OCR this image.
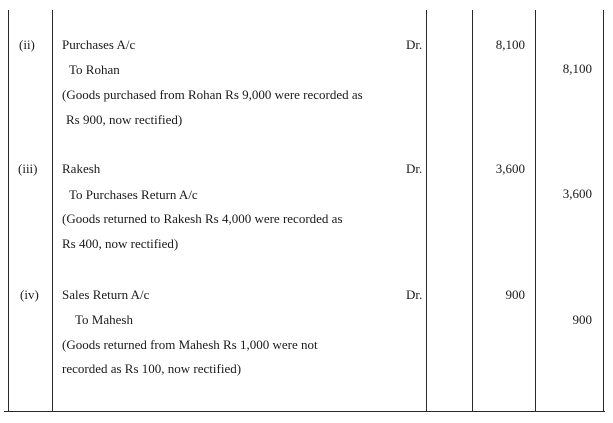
(ii) Purchases A/c	Dr.	8,100
To Rohan	8,100
(Goods purchased from Rohan Rs 9,000 were recorded as
Rs 900, now rectified)
(iii) Rakesh	Dr.	3,600
To Purchases Return A/c	3,600
(Goods returned to Rakesh Rs 4,000 were recorded as
Rs 400, now rectified)
(iv) Sales Return A/c	Dr.	900
To Mahesh	900
(Goods returned from Mahesh Rs 1,000 were not
recorded as Rs 100, now rectified)
